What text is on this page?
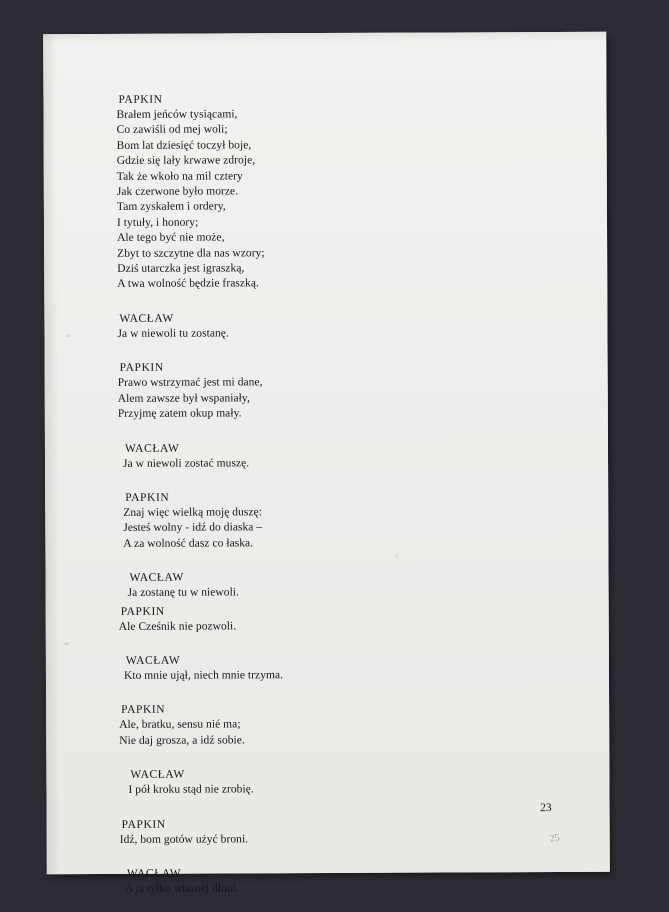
PAPKIN
Brałem jeńców tysiącami,
Co zawiśli od mej woli;
Bom lat dziesięć toczył boje,
Gdzie się lały krwawe zdroje,
Tak że wkoło na mil cztery
Jak czerwone było morze.
Tam zyskałem i ordery,
I tytuły, i honory;
Ale tego być nie może,
Zbyt to szczytne dla nas wzory;
Dziś utarczka jest igraszką,
A twa wolność będzie fraszką.
WACŁAW
Ja w niewoli tu zostanę.
PAPKIN
Prawo wstrzymać jest mi dane,
Alem zawsze był wspaniały,
Przyjmę zatem okup mały.
WACŁAW
Ja w niewoli zostać muszę.
PAPKIN
Znaj więc wielką moję duszę:
Jesteś wolny - idź do diaska –
A za wolność dasz co łaska.
WACŁAW
Ja zostanę tu w niewoli.
PAPKIN
Ale Cześnik nie pozwoli.
WACŁAW
Kto mnie ujął, niech mnie trzyma.
PAPKIN
Ale, bratku, sensu nié ma;
Nie daj grosza, a idź sobie.
WACŁAW
I pół kroku stąd nie zrobię.
PAPKIN
Idź, bom gotów użyć broni.
WACŁAW
A ja tylko własnej dłoni.
23
25
